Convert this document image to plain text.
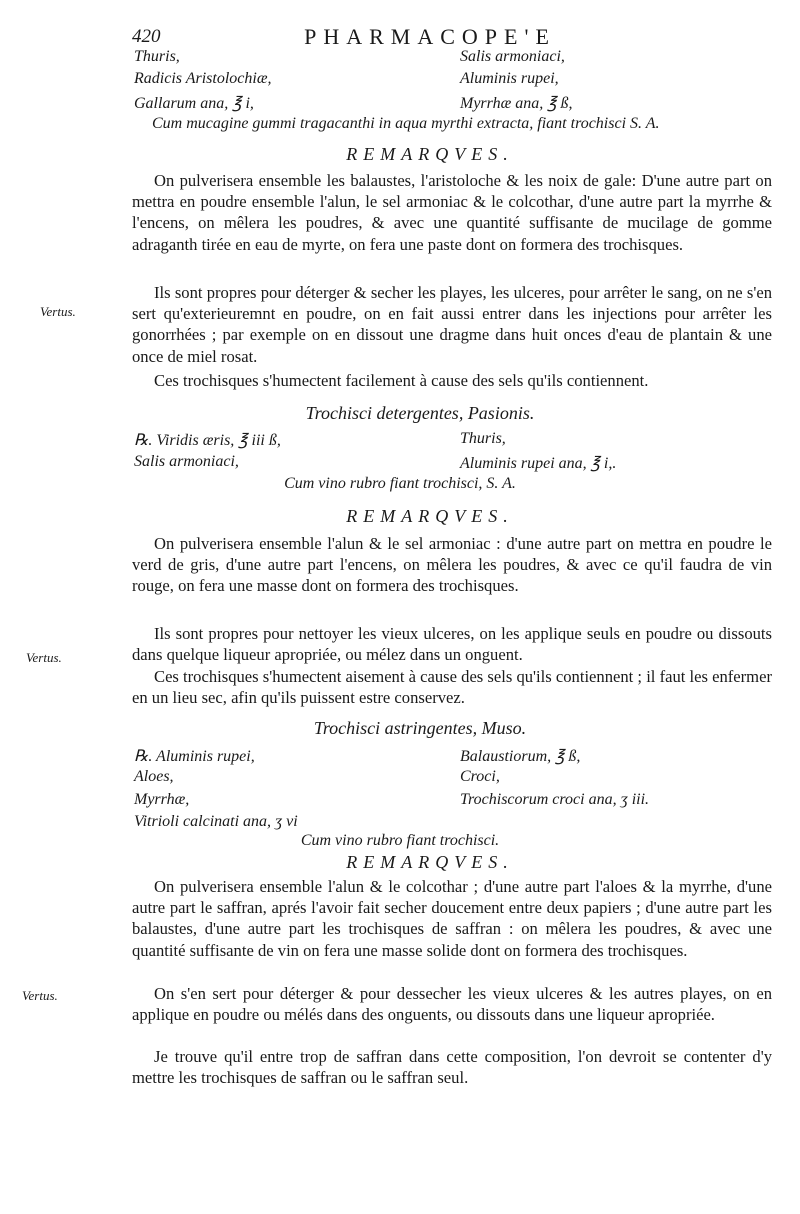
420	PHARMACOPE'E
Thuris,	Salis armoniaci,
Radicis Aristolochiæ,	Aluminis rupei,
Gallarum ana, ℥ i,	Myrrhæ ana, ℥ ß,
Cum mucagine gummi tragacanthi in aqua myrthi extracta, fiant trochisci S. A.
REMARQVES.

On pulverisera ensemble les balaustes, l'aristoloche & les noix de gale: D'une autre part on mettra en poudre ensemble l'alun, le sel armoniac & le colcothar, d'une autre part la myrrhe & l'encens, on mêlera les poudres, & avec une quantité suffisante de mucilage de gomme adraganth tirée en eau de myrte, on fera une paste dont on formera des trochisques.

Ils sont propres pour déterger & secher les playes, les ulceres, pour arrêter le sang, on ne s'en sert qu'exterieuremnt en poudre, on en fait aussi entrer dans les injections pour arrêter les gonorrhées ; par exemple on en dissout une dragme dans huit onces d'eau de plantain & une once de miel rosat.

Ces trochisques s'humectent facilement à cause des sels qu'ils contiennent.

Vertus.
Trochisci detergentes, Pasionis.
℞. Viridis æris, ℥ iii ß,	Thuris,
Salis armoniaci,	Aluminis rupei ana, ℥ i,.
Cum vino rubro fiant trochisci, S. A.
REMARQVES.

On pulverisera ensemble l'alun & le sel armoniac : d'une autre part on mettra en poudre le verd de gris, d'une autre part l'encens, on mêlera les poudres, & avec ce qu'il faudra de vin rouge, on fera une masse dont on formera des trochisques.

Ils sont propres pour nettoyer les vieux ulceres, on les applique seuls en poudre ou dissouts dans quelque liqueur apropriée, ou mélez dans un onguent.

Ces trochisques s'humectent aisement à cause des sels qu'ils contiennent ; il faut les enfermer en un lieu sec, afin qu'ils puissent estre conservez.

Vertus.
Trochisci astringentes, Muso.
℞. Aluminis rupei,	Balaustiorum, ℥ ß,
Aloes,	Croci,
Myrrhæ,	Trochiscorum croci ana, ʒ iii.
Vitrioli calcinati ana, ʒ vi
Cum vino rubro fiant trochisci.
REMARQVES.

On pulverisera ensemble l'alun & le colcothar ; d'une autre part l'aloes & la myrrhe, d'une autre part le saffran, aprés l'avoir fait secher doucement entre deux papiers ; d'une autre part les balaustes, d'une autre part les trochisques de saffran : on mêlera les poudres, & avec une quantité suffisante de vin on fera une masse solide dont on formera des trochisques.

On s'en sert pour déterger & pour dessecher les vieux ulceres & les autres playes, on en applique en poudre ou mélés dans des onguents, ou dissouts dans une liqueur apropriée.

Je trouve qu'il entre trop de saffran dans cette composition, l'on devroit se contenter d'y mettre les trochisques de saffran ou le saffran seul.

Vertus.
